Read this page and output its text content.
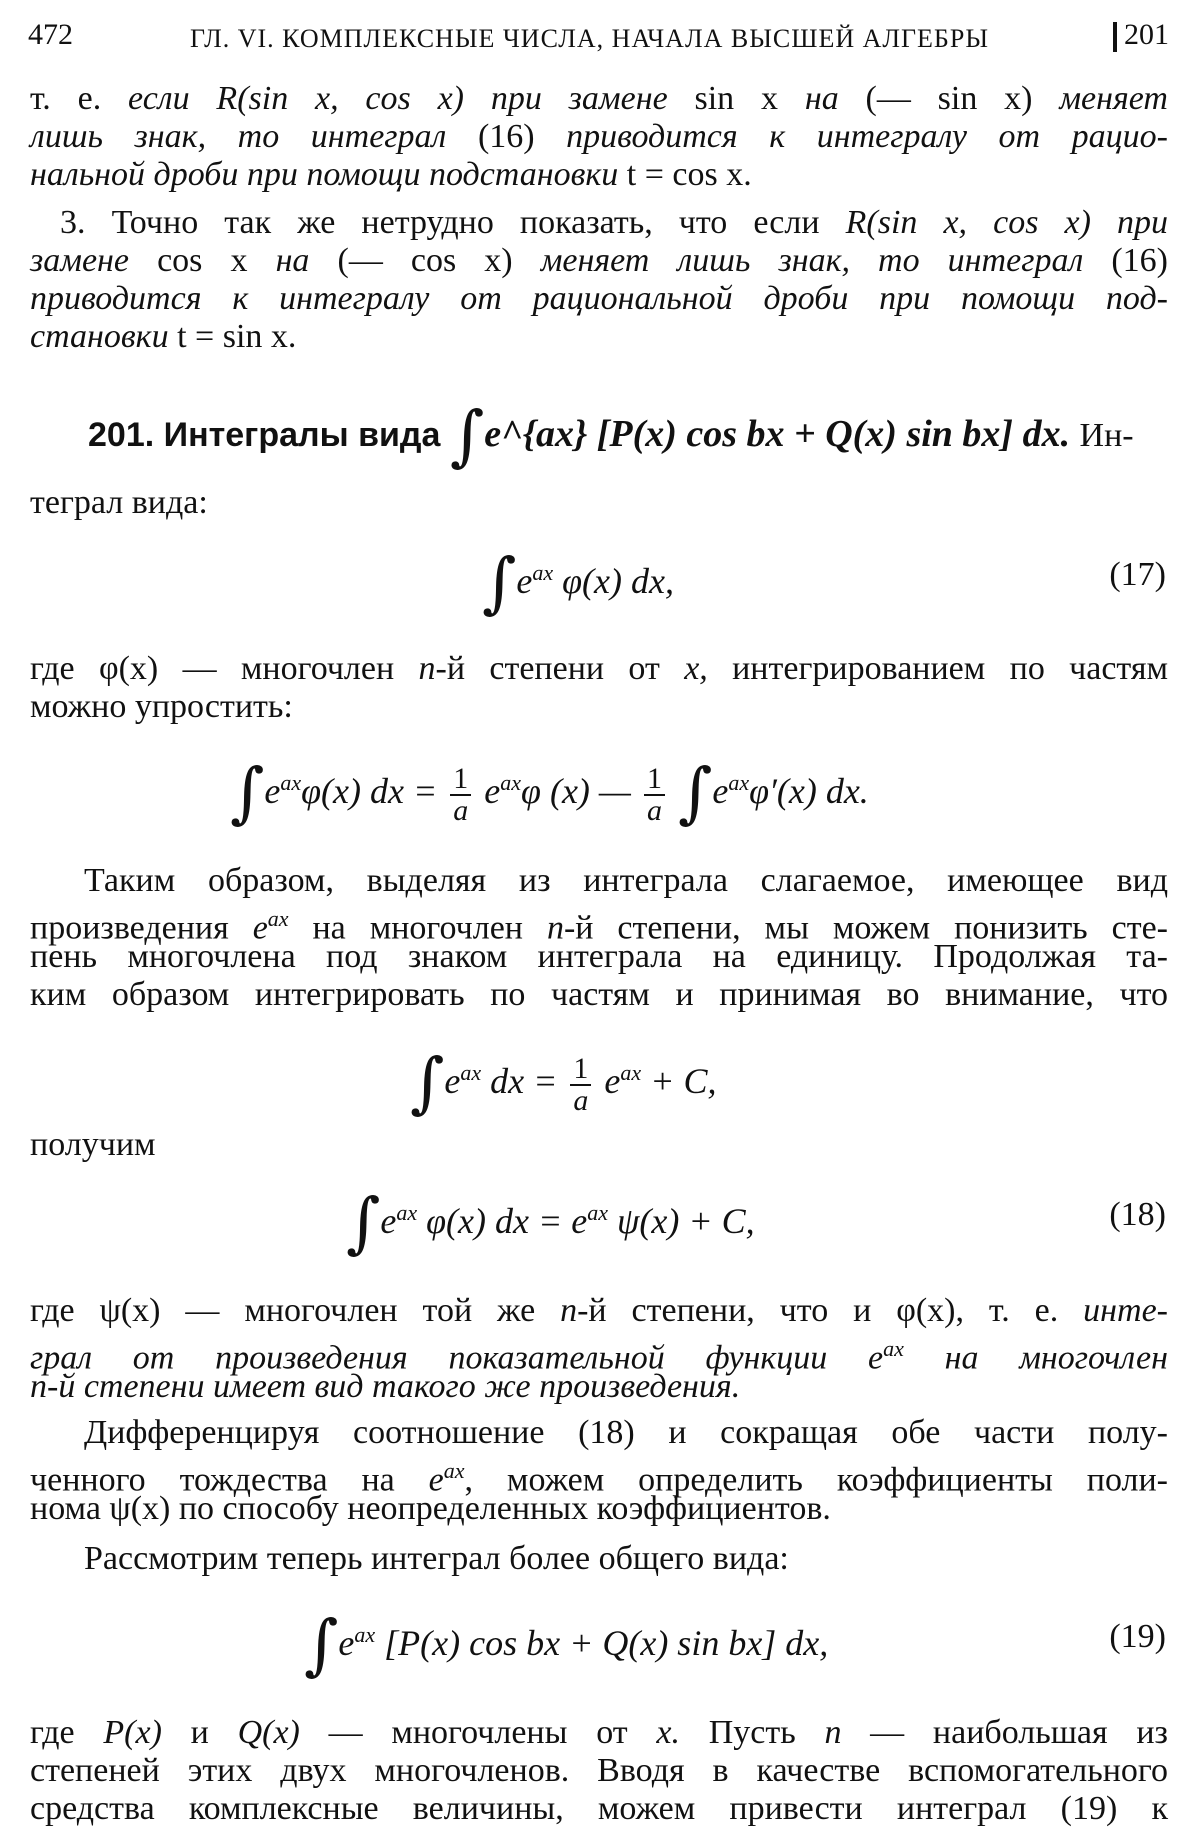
472	ГЛ. VI. КОМПЛЕКСНЫЕ ЧИСЛА, НАЧАЛА ВЫСШЕЙ АЛГЕБРЫ	201
т. е. если R(sin x, cos x) при замене sin x на (— sin x) меняет
лишь знак, то интеграл (16) приводится к интегралу от рацио-
нальной дроби при помощи подстановки t = cos x.
3. Точно так же нетрудно показать, что если R(sin x, cos x) при
замене cos x на (— cos x) меняет лишь знак, то интеграл (16)
приводится к интегралу от рациональной дроби при помощи под-
становки t = sin x.
201. Интегралы вида ∫e^{ax} [P(x) cos bx + Q(x) sin bx] dx. Ин-
теграл вида:
$\int e^{ax}$ φ(x) dx,	(17)
где φ(x) — многочлен n-й степени от x, интегрированием по частям
можно упростить:
$\int e^{ax}\varphi(x)$ dx = $\frac{1}{a} e^{ax}\varphi$ (x) — $\frac{1}{a} \int e^{ax}\varphi'(x)$ dx.
Таким образом, выделяя из интеграла слагаемое, имеющее вид
произведения $e^{ax}$ на многочлен n-й степени, мы можем понизить сте-
пень многочлена под знаком интеграла на единицу. Продолжая та-
ким образом интегрировать по частям и принимая во внимание, что
$\int e^{ax}$ dx = $\frac{1}{a} e^{ax} + C$,
получим
$\int e^{ax}$ φ(x) dx = $e^{ax}$ ψ(x) + C,	(18)
где ψ(x) — многочлен той же n-й степени, что и φ(x), т. е. инте-
грал от произведения показательной функции $e^{ax}$ на многочлен
n-й степени имеет вид такого же произведения.
Дифференцируя соотношение (18) и сокращая обе части полу-
ченного тождества на $e^{ax}$, можем определить коэффициенты поли-
нома ψ(x) по способу неопределенных коэффициентов.
Рассмотрим теперь интеграл более общего вида:
$\int e^{ax}$ [P(x) cos bx + Q(x) sin bx] dx,	(19)
где P(x) и Q(x) — многочлены от x. Пусть n — наибольшая из
степеней этих двух многочленов. Вводя в качестве вспомогательного
средства комплексные величины, можем привести интеграл (19) к
